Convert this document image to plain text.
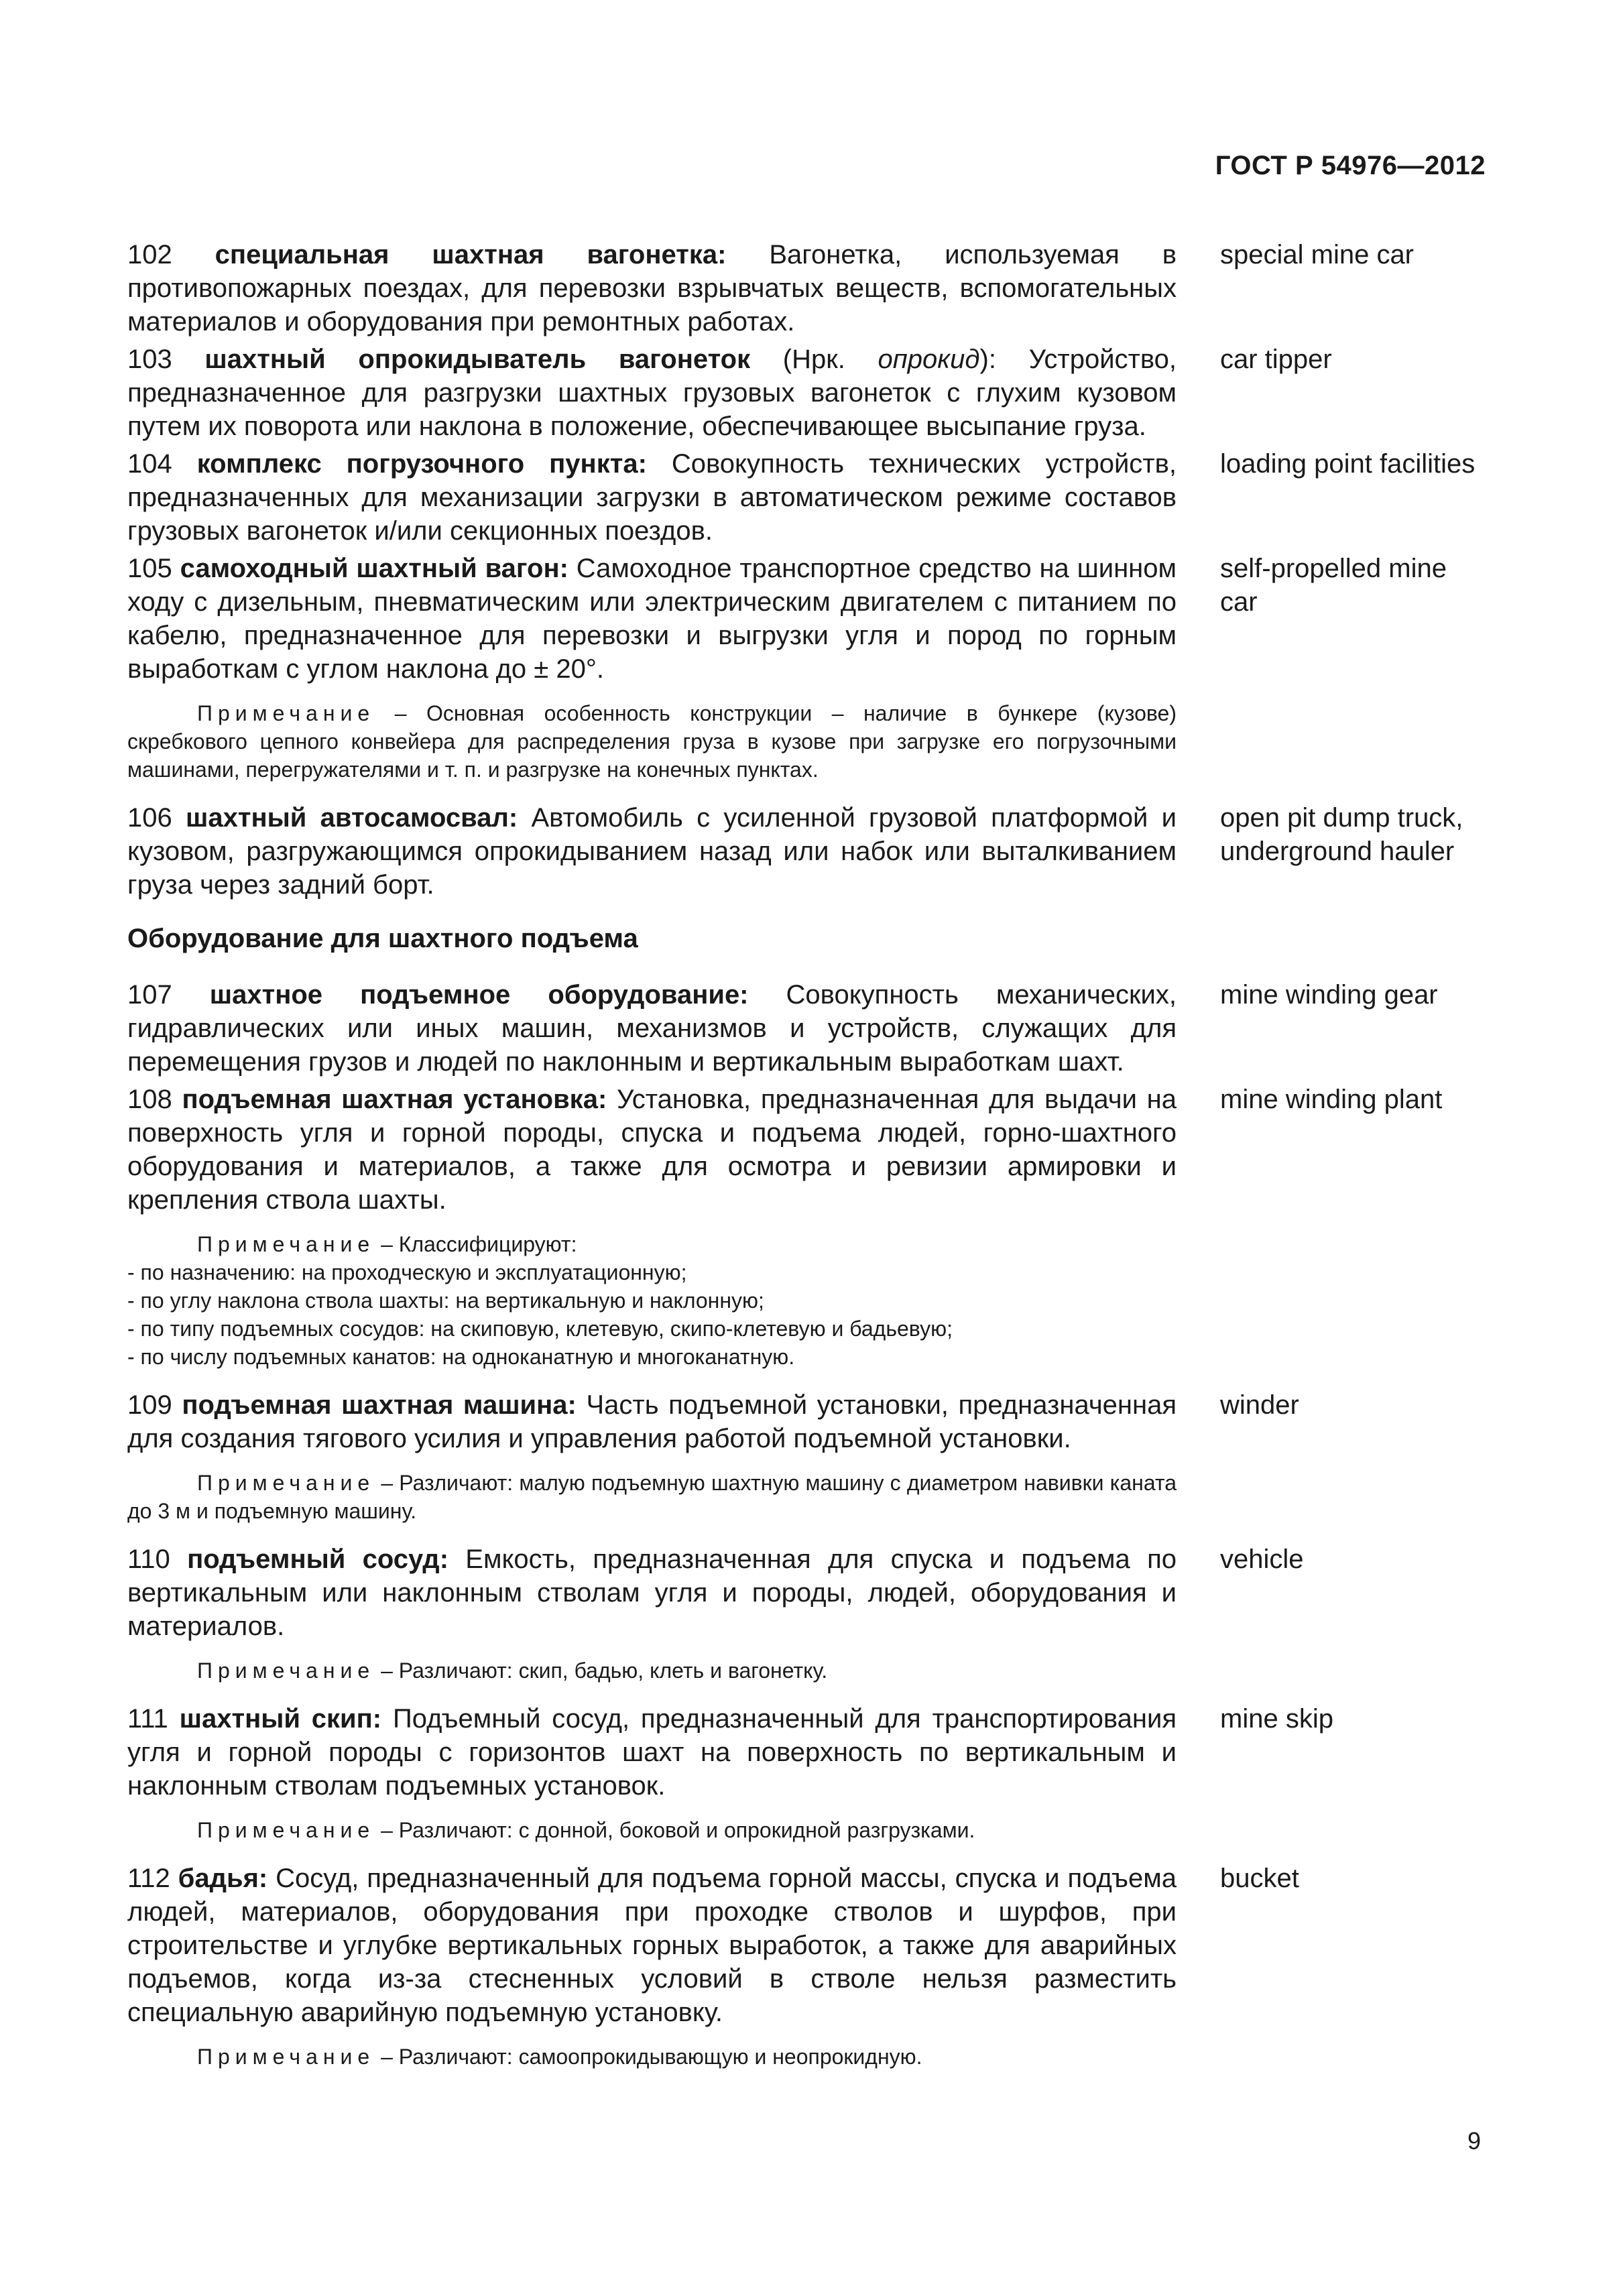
ГОСТ Р 54976—2012
102 специальная шахтная вагонетка: Вагонетка, используемая в противопожарных поездах, для перевозки взрывчатых веществ, вспомогательных материалов и оборудования при ремонтных работах.
special mine car
103 шахтный опрокидыватель вагонеток (Нрк. опрокид): Устройство, предназначенное для разгрузки шахтных грузовых вагонеток с глухим кузовом путем их поворота или наклона в положение, обеспечивающее высыпание груза.
car tipper
104 комплекс погрузочного пункта: Совокупность технических устройств, предназначенных для механизации загрузки в автоматическом режиме составов грузовых вагонеток и/или секционных поездов.
loading point facilities
105 самоходный шахтный вагон: Самоходное транспортное средство на шинном ходу с дизельным, пневматическим или электрическим двигателем с питанием по кабелю, предназначенное для перевозки и выгрузки угля и пород по горным выработкам с углом наклона до ± 20°.
self-propelled mine car
Примечание – Основная особенность конструкции – наличие в бункере (кузове) скребкового цепного конвейера для распределения груза в кузове при загрузке его погрузочными машинами, перегружателями и т. п. и разгрузке на конечных пунктах.
106 шахтный автосамосвал: Автомобиль с усиленной грузовой платформой и кузовом, разгружающимся опрокидыванием назад или набок или выталкиванием груза через задний борт.
open pit dump truck, underground hauler
Оборудование для шахтного подъема
107 шахтное подъемное оборудование: Совокупность механических, гидравлических или иных машин, механизмов и устройств, служащих для перемещения грузов и людей по наклонным и вертикальным выработкам шахт.
mine winding gear
108 подъемная шахтная установка: Установка, предназначенная для выдачи на поверхность угля и горной породы, спуска и подъема людей, горно-шахтного оборудования и материалов, а также для осмотра и ревизии армировки и крепления ствола шахты.
mine winding plant
Примечание – Классифицируют:
- по назначению: на проходческую и эксплуатационную;
- по углу наклона ствола шахты: на вертикальную и наклонную;
- по типу подъемных сосудов: на скиповую, клетевую, скипо-клетевую и бадьевую;
- по числу подъемных канатов: на одноканатную и многоканатную.
109 подъемная шахтная машина: Часть подъемной установки, предназначенная для создания тягового усилия и управления работой подъемной установки.
winder
Примечание – Различают: малую подъемную шахтную машину с диаметром навивки каната до 3 м и подъемную машину.
110 подъемный сосуд: Емкость, предназначенная для спуска и подъема по вертикальным или наклонным стволам угля и породы, людей, оборудования и материалов.
vehicle
Примечание – Различают: скип, бадью, клеть и вагонетку.
111 шахтный скип: Подъемный сосуд, предназначенный для транспортирования угля и горной породы с горизонтов шахт на поверхность по вертикальным и наклонным стволам подъемных установок.
mine skip
Примечание – Различают: с донной, боковой и опрокидной разгрузками.
112 бадья: Сосуд, предназначенный для подъема горной массы, спуска и подъема людей, материалов, оборудования при проходке стволов и шурфов, при строительстве и углубке вертикальных горных выработок, а также для аварийных подъемов, когда из-за стесненных условий в стволе нельзя разместить специальную аварийную подъемную установку.
bucket
Примечание – Различают: самоопрокидывающую и неопрокидную.
9
